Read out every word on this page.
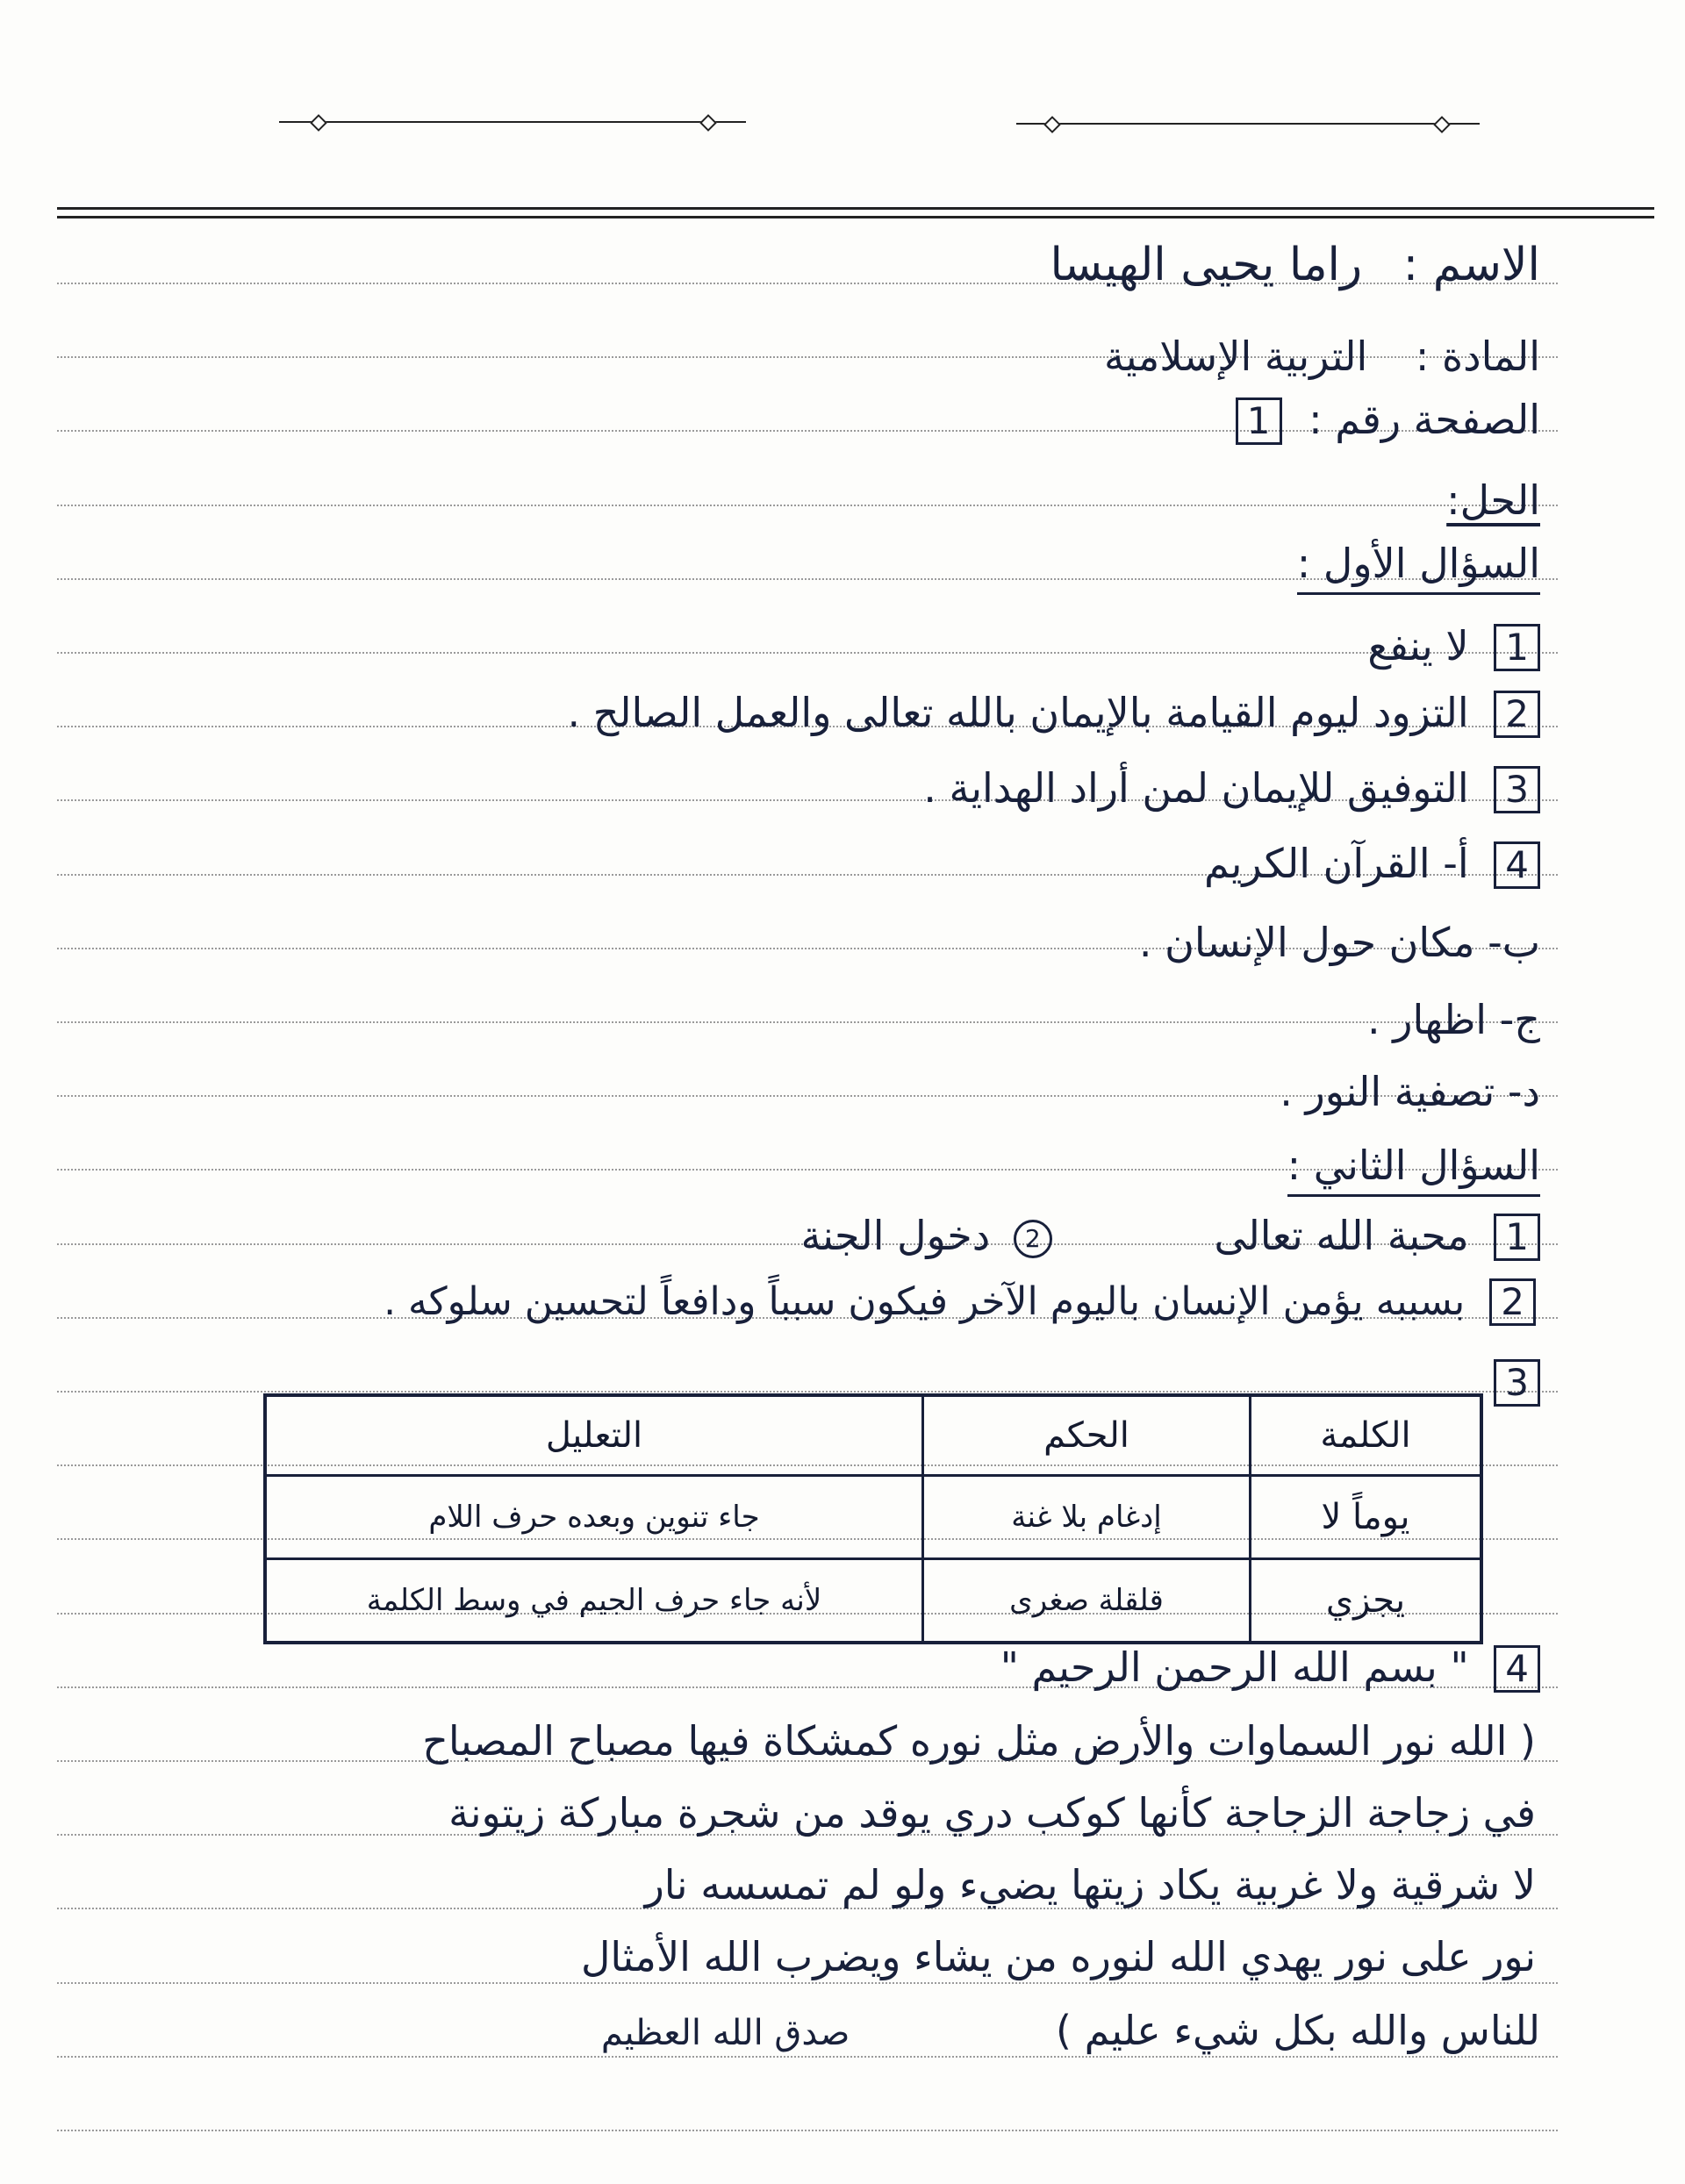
الاسم : راما يحيى الهيسا
المادة : التربية الإسلامية
الصفحة رقم : 1
الحل:
السؤال الأول :
1 لا ينفع
2 التزود ليوم القيامة بالإيمان بالله تعالى والعمل الصالح .
3 التوفيق للإيمان لمن أراد الهداية .
4 أ- القرآن الكريم
ب- مكان حول الإنسان .
ج- اظهار .
د- تصفية النور .
السؤال الثاني :
1 محبة الله تعالى 2 دخول الجنة
2 بسببه يؤمن الإنسان باليوم الآخر فيكون سبباً ودافعاً لتحسين سلوكه .
3
الكلمة	الحكم	التعليل
يوماً لا	إدغام بلا غنة	جاء تنوين وبعده حرف اللام
يجزي	قلقلة صغرى	لأنه جاء حرف الجيم في وسط الكلمة
4 " بسم الله الرحمن الرحيم "
( الله نور السماوات والأرض مثل نوره كمشكاة فيها مصباح المصباح
في زجاجة الزجاجة كأنها كوكب دري يوقد من شجرة مباركة زيتونة
لا شرقية ولا غربية يكاد زيتها يضيء ولو لم تمسسه نار
نور على نور يهدي الله لنوره من يشاء ويضرب الله الأمثال
للناس والله بكل شيء عليم ) صدق الله العظيم
